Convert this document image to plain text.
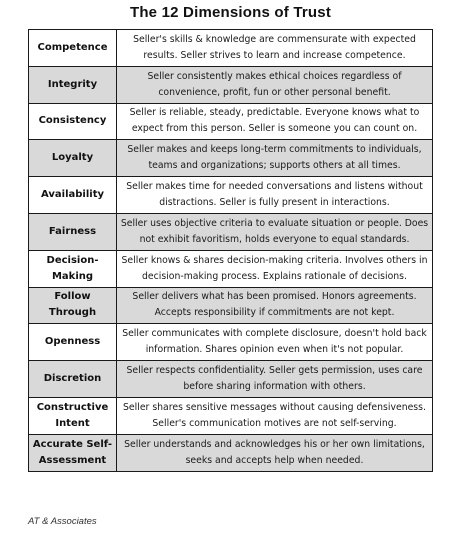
The 12 Dimensions of Trust
Competence	Seller's skills & knowledge are commensurate with expected results. Seller strives to learn and increase competence.
Integrity	Seller consistently makes ethical choices regardless of convenience, profit, fun or other personal benefit.
Consistency	Seller is reliable, steady, predictable. Everyone knows what to expect from this person. Seller is someone you can count on.
Loyalty	Seller makes and keeps long-term commitments to individuals, teams and organizations; supports others at all times.
Availability	Seller makes time for needed conversations and listens without distractions. Seller is fully present in interactions.
Fairness	Seller uses objective criteria to evaluate situation or people. Does not exhibit favoritism, holds everyone to equal standards.
Decision-Making	Seller knows & shares decision-making criteria. Involves others in decision-making process. Explains rationale of decisions.
Follow Through	Seller delivers what has been promised. Honors agreements. Accepts responsibility if commitments are not kept.
Openness	Seller communicates with complete disclosure, doesn't hold back information. Shares opinion even when it's not popular.
Discretion	Seller respects confidentiality. Seller gets permission, uses care before sharing information with others.
Constructive Intent	Seller shares sensitive messages without causing defensiveness. Seller's communication motives are not self-serving.
Accurate Self-Assessment	Seller understands and acknowledges his or her own limitations, seeks and accepts help when needed.
AT & Associates
